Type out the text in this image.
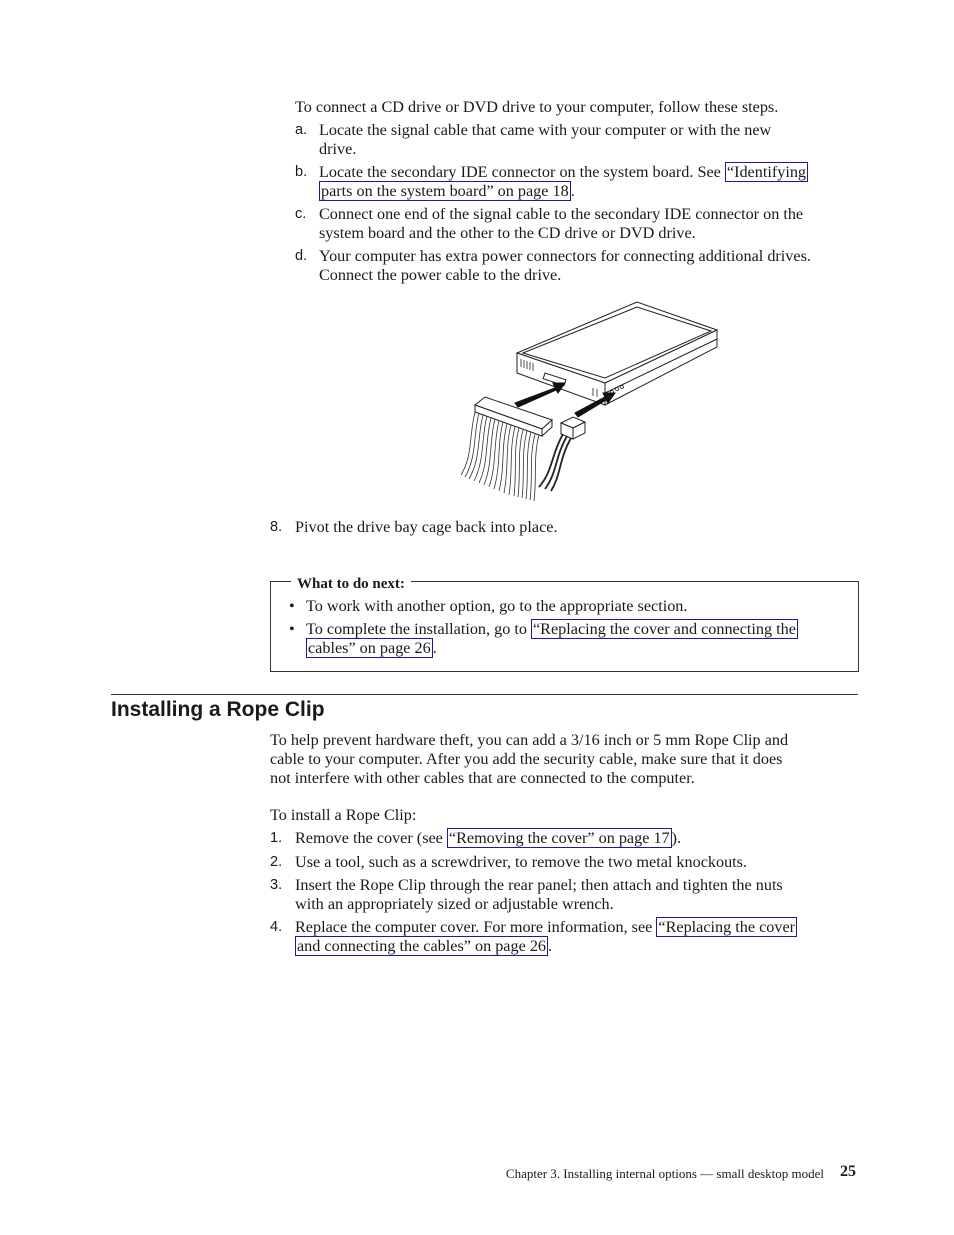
To connect a CD drive or DVD drive to your computer, follow these steps.
a. Locate the signal cable that came with your computer or with the new
drive.
b. Locate the secondary IDE connector on the system board. See “Identifying
parts on the system board” on page 18 .
c. Connect one end of the signal cable to the secondary IDE connector on the
system board and the other to the CD drive or DVD drive.
d. Your computer has extra power connectors for connecting additional drives.
Connect the power cable to the drive.
8. Pivot the drive bay cage back into place.
What to do next:
• To work with another option, go to the appropriate section.
• To complete the installation, go to “Replacing the cover and connecting the
cables” on page 26 .
Installing a Rope Clip
To help prevent hardware theft, you can add a 3/16 inch or 5 mm Rope Clip and
cable to your computer. After you add the security cable, make sure that it does
not interfere with other cables that are connected to the computer.
To install a Rope Clip:
1. Remove the cover (see “Removing the cover” on page 17 ).
2. Use a tool, such as a screwdriver, to remove the two metal knockouts.
3. Insert the Rope Clip through the rear panel; then attach and tighten the nuts
with an appropriately sized or adjustable wrench.
4. Replace the computer cover. For more information, see “Replacing the cover
and connecting the cables” on page 26 .
Chapter 3. Installing internal options — small desktop model 25
